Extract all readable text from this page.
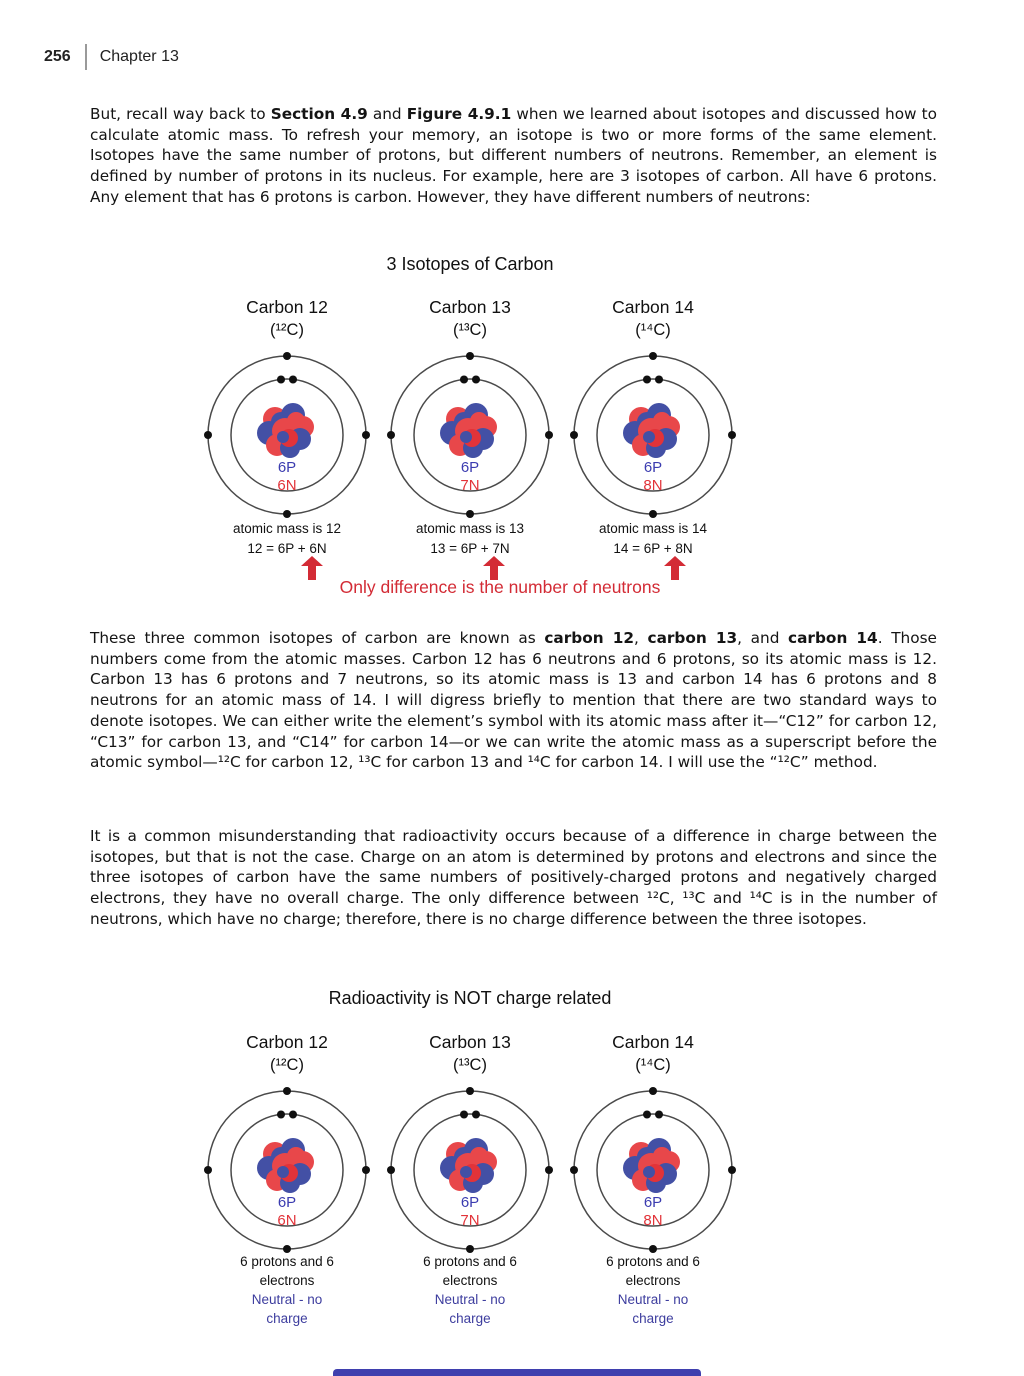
256 Chapter 13

But, recall way back to Section 4.9 and Figure 4.9.1 when we learned about isotopes and discussed how to calculate atomic mass. To refresh your memory, an isotope is two or more forms of the same element. Isotopes have the same number of protons, but different numbers of neutrons. Remember, an element is defined by number of protons in its nucleus. For example, here are 3 isotopes of carbon. All have 6 protons. Any element that has 6 protons is carbon. However, they have different numbers of neutrons:

3 Isotopes of Carbon
Carbon 12
(¹²C)
6P
6N
atomic mass is 12
12 = 6P + 6N
Carbon 13
(¹³C)
6P
7N
atomic mass is 13
13 = 6P + 7N
Carbon 14
(¹⁴C)
6P
8N
atomic mass is 14
14 = 6P + 8N
Only difference is the number of neutrons

These three common isotopes of carbon are known as carbon 12, carbon 13, and carbon 14. Those numbers come from the atomic masses. Carbon 12 has 6 neutrons and 6 protons, so its atomic mass is 12. Carbon 13 has 6 protons and 7 neutrons, so its atomic mass is 13 and carbon 14 has 6 protons and 8 neutrons for an atomic mass of 14. I will digress briefly to mention that there are two standard ways to denote isotopes. We can either write the element’s symbol with its atomic mass after it—“C12” for carbon 12, “C13” for carbon 13, and “C14” for carbon 14—or we can write the atomic mass as a superscript before the atomic symbol—¹²C for carbon 12, ¹³C for carbon 13 and ¹⁴C for carbon 14. I will use the “¹²C” method.

It is a common misunderstanding that radioactivity occurs because of a difference in charge between the isotopes, but that is not the case. Charge on an atom is determined by protons and electrons and since the three isotopes of carbon have the same numbers of positively-charged protons and negatively charged electrons, they have no overall charge. The only difference between ¹²C, ¹³C and ¹⁴C is in the number of neutrons, which have no charge; therefore, there is no charge difference between the three isotopes.

Radioactivity is NOT charge related
Carbon 12
(¹²C)
6P
6N
6 protons and 6
electrons
Neutral - no
charge
Carbon 13
(¹³C)
6P
7N
6 protons and 6
electrons
Neutral - no
charge
Carbon 14
(¹⁴C)
6P
8N
6 protons and 6
electrons
Neutral - no
charge
